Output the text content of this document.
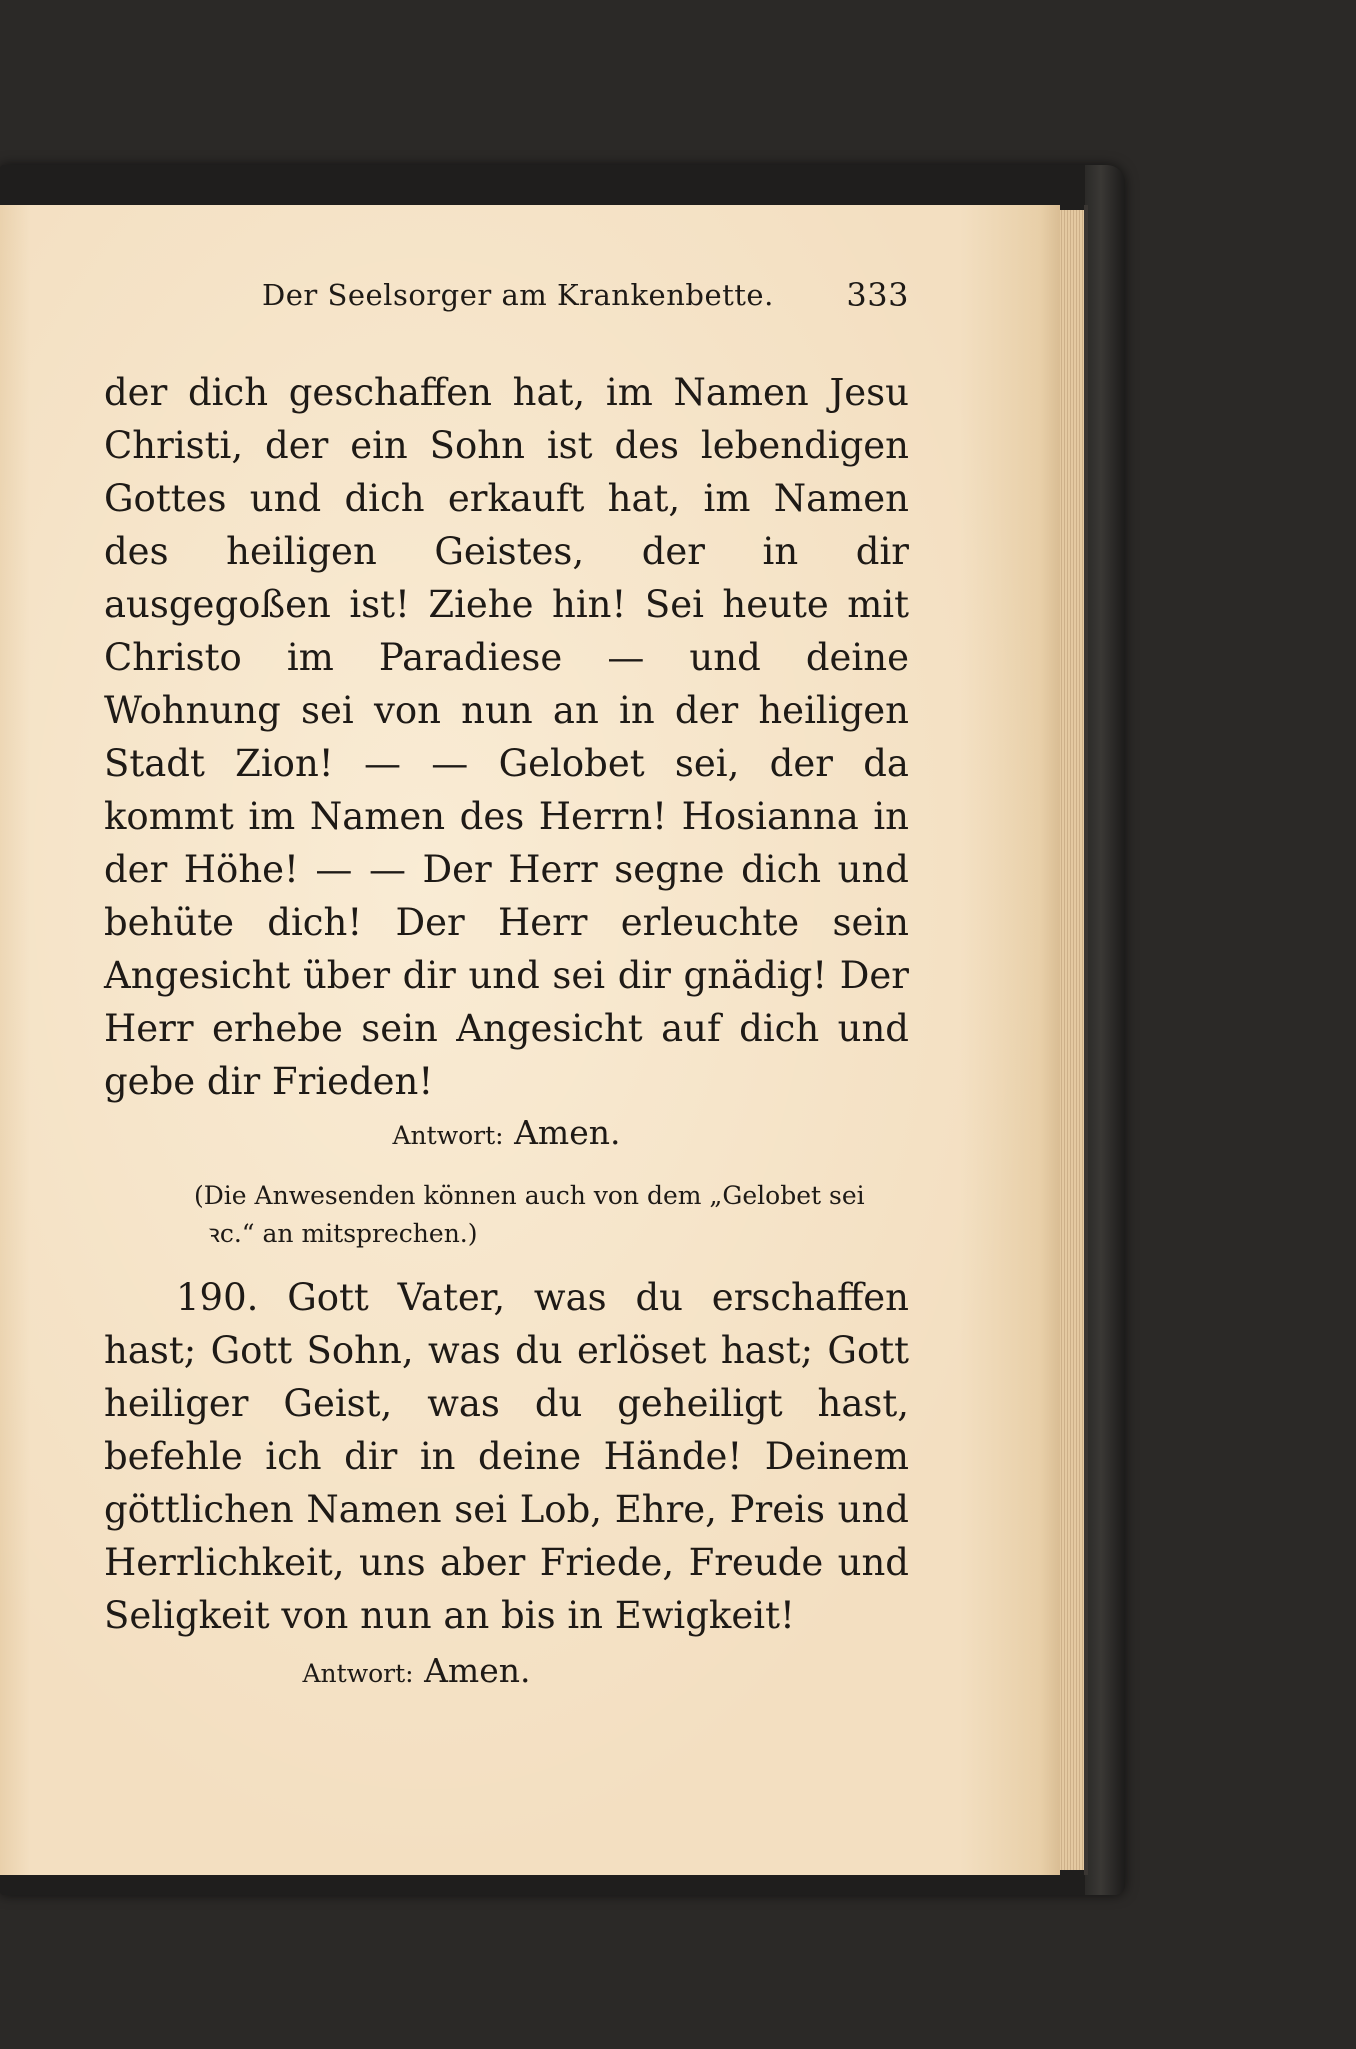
Der Seelsorger am Krankenbette. 333
der dich geschaffen hat, im Namen Jesu Christi, der ein Sohn ist des lebendigen Gottes und dich erkauft hat, im Namen des heiligen Geistes, der in dir ausgegoßen ist! Ziehe hin! Sei heute mit Christo im Paradiese — und deine Wohnung sei von nun an in der heiligen Stadt Zion! — — Gelobet sei, der da kommt im Namen des Herrn! Hosianna in der Höhe! — — Der Herr segne dich und behüte dich! Der Herr erleuchte sein Angesicht über dir und sei dir gnädig! Der Herr erhebe sein Angesicht auf dich und gebe dir Frieden!
Antwort: Amen.
(Die Anwesenden können auch von dem „Gelobet sei ꝛc.“ an mitsprechen.)
190. Gott Vater, was du erschaffen hast; Gott Sohn, was du erlöset hast; Gott heiliger Geist, was du geheiligt hast, befehle ich dir in deine Hände! Deinem göttlichen Namen sei Lob, Ehre, Preis und Herrlichkeit, uns aber Friede, Freude und Seligkeit von nun an bis in Ewigkeit!
Antwort: Amen.
